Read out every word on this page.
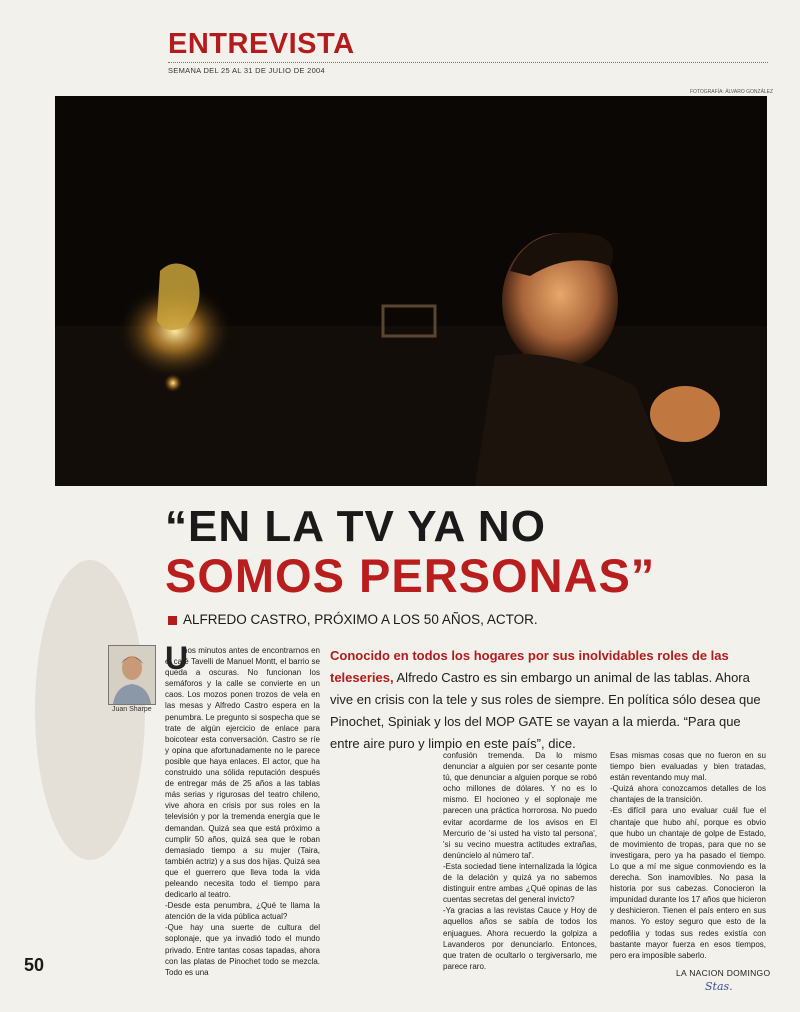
ENTREVISTA
SEMANA DEL 25 AL 31 DE JULIO DE 2004
FOTOGRAFÍA: ÁLVARO GONZÁLEZ
“EN LA TV YA NO
SOMOS PERSONAS”
ALFREDO CASTRO, PRÓXIMO A LOS 50 AÑOS, ACTOR.
Juan Sharpe
U
nos minutos antes de encontrarnos en el café Tavelli de Manuel Montt, el barrio se queda a oscuras. No funcionan los semáforos y la calle se convierte en un caos. Los mozos ponen trozos de vela en las mesas y Alfredo Castro espera en la penumbra. Le pregunto si sospecha que se trate de algún ejercicio de enlace para boicotear esta conversación. Castro se ríe y opina que afortunadamente no le parece posible que haya enlaces. El actor, que ha construido una sólida reputación después de entregar más de 25 años a las tablas más serias y rigurosas del teatro chileno, vive ahora en crisis por sus roles en la televisión y por la tremenda energía que le demandan. Quizá sea que está próximo a cumplir 50 años, quizá sea que le roban demasiado tiempo a su mujer (Taira, también actriz) y a sus dos hijas. Quizá sea que el guerrero que lleva toda la vida peleando necesita todo el tiempo para dedicarlo al teatro.
-Desde esta penumbra, ¿Qué te llama la atención de la vida pública actual?
-Que hay una suerte de cultura del soplonaje, que ya invadió todo el mundo privado. Entre tantas cosas tapadas, ahora con las platas de Pinochet todo se mezcla. Todo es una
Conocido en todos los hogares por sus inolvidables roles de las teleseries, Alfredo Castro es sin embargo un animal de las tablas. Ahora vive en crisis con la tele y sus roles de siempre. En política sólo desea que Pinochet, Spiniak y los del MOP GATE se vayan a la mierda. “Para que entre aire puro y limpio en este país”, dice.
confusión tremenda. Da lo mismo denunciar a alguien por ser cesante ponte tú, que denunciar a alguien porque se robó ocho millones de dólares. Y no es lo mismo. El hocioneo y el soplonaje me parecen una práctica horrorosa. No puedo evitar acordarme de los avisos en El Mercurio de 'si usted ha visto tal persona', 'si su vecino muestra actitudes extrañas, denúncielo al número tal'.
-Esta sociedad tiene internalizada la lógica de la delación y quizá ya no sabemos distinguir entre ambas ¿Qué opinas de las cuentas secretas del general invicto?
-Ya gracias a las revistas Cauce y Hoy de aquellos años se sabía de todos los enjuagues. Ahora recuerdo la golpiza a Lavanderos por denunciarlo. Entonces, que traten de ocultarlo o tergiversarlo, me parece raro.
Esas mismas cosas que no fueron en su tiempo bien evaluadas y bien tratadas, están reventando muy mal.
-Quizá ahora conozcamos detalles de los chantajes de la transición.
-Es difícil para uno evaluar cuál fue el chantaje que hubo ahí, porque es obvio que hubo un chantaje de golpe de Estado, de movimiento de tropas, para que no se investigara, pero ya ha pasado el tiempo. Lo que a mí me sigue conmoviendo es la derecha. Son inamovibles. No pasa la historia por sus cabezas. Conocieron la impunidad durante los 17 años que hicieron y deshicieron. Tienen el país entero en sus manos. Yo estoy seguro que esto de la pedofilia y todas sus redes existía con bastante mayor fuerza en esos tiempos, pero era imposible saberlo.
50	LA NACION DOMINGO
Stas.
